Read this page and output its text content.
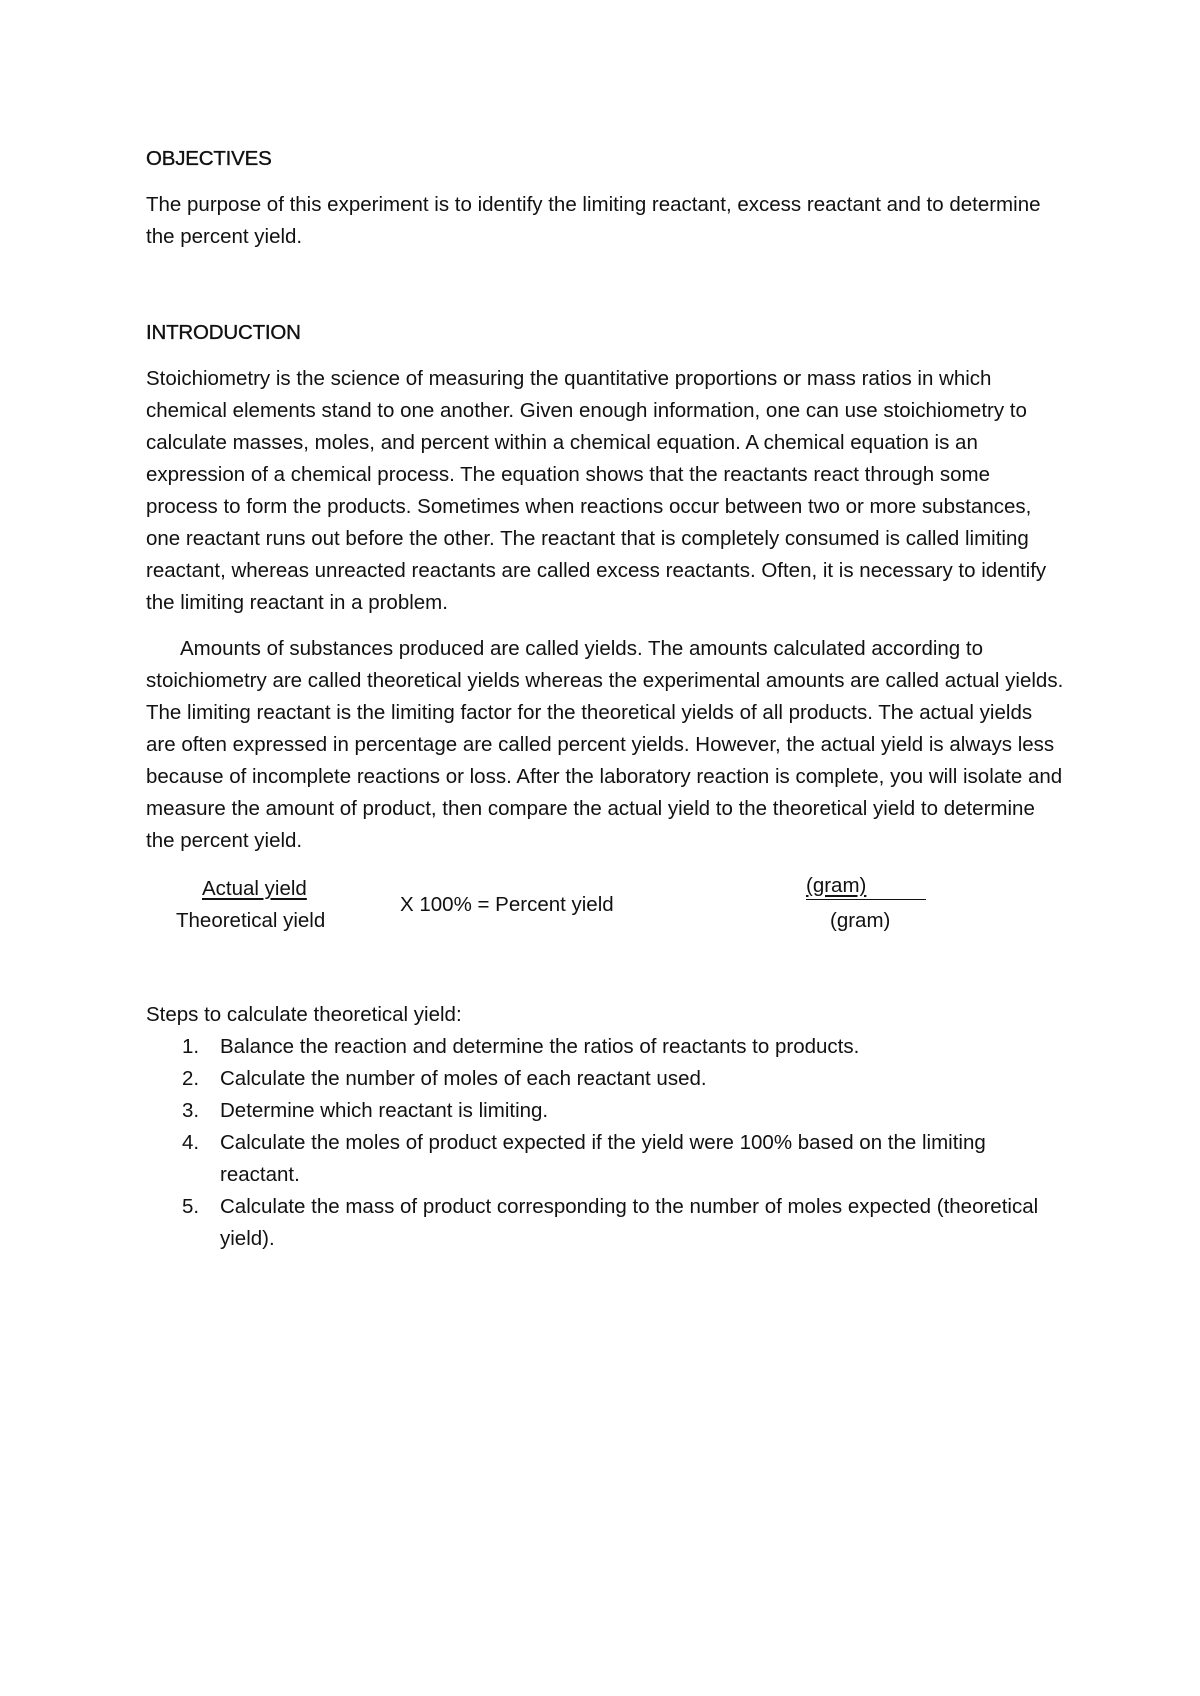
OBJECTIVES

The purpose of this experiment is to identify the limiting reactant, excess reactant and to determine the percent yield.

INTRODUCTION

Stoichiometry is the science of measuring the quantitative proportions or mass ratios in which chemical elements stand to one another. Given enough information, one can use stoichiometry to calculate masses, moles, and percent within a chemical equation. A chemical equation is an expression of a chemical process. The equation shows that the reactants react through some process to form the products. Sometimes when reactions occur between two or more substances, one reactant runs out before the other. The reactant that is completely consumed is called limiting reactant, whereas unreacted reactants are called excess reactants. Often, it is necessary to identify the limiting reactant in a problem.

Amounts of substances produced are called yields. The amounts calculated according to stoichiometry are called theoretical yields whereas the experimental amounts are called actual yields. The limiting reactant is the limiting factor for the theoretical yields of all products. The actual yields are often expressed in percentage are called percent yields. However, the actual yield is always less because of incomplete reactions or loss. After the laboratory reaction is complete, you will isolate and measure the amount of product, then compare the actual yield to the theoretical yield to determine the percent yield.

Actual yield
Theoretical yield
X 100% = Percent yield
(gram)
(gram)

Steps to calculate theoretical yield:

1. Balance the reaction and determine the ratios of reactants to products.
2. Calculate the number of moles of each reactant used.
3. Determine which reactant is limiting.
4. Calculate the moles of product expected if the yield were 100% based on the limiting reactant.
5. Calculate the mass of product corresponding to the number of moles expected (theoretical yield).
